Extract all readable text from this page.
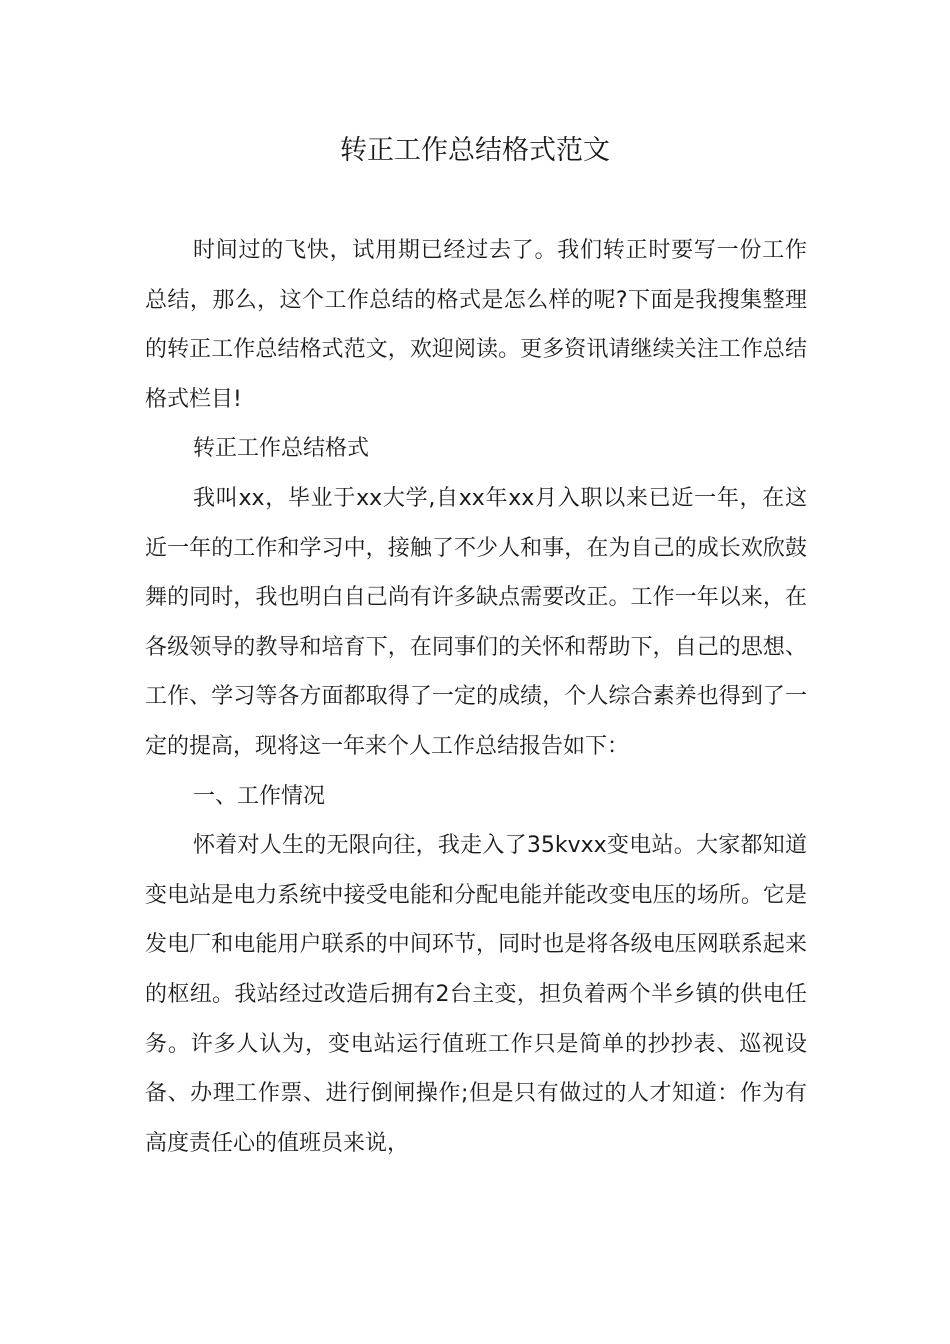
转正工作总结格式范文

时间过的飞快，试用期已经过去了。我们转正时要写一份工作总结，那么，这个工作总结的格式是怎么样的呢?下面是我搜集整理的转正工作总结格式范文，欢迎阅读。更多资讯请继续关注工作总结格式栏目!

转正工作总结格式

我叫xx，毕业于xx大学,自xx年xx月入职以来已近一年，在这近一年的工作和学习中，接触了不少人和事，在为自己的成长欢欣鼓舞的同时，我也明白自己尚有许多缺点需要改正。工作一年以来，在各级领导的教导和培育下，在同事们的关怀和帮助下，自己的思想、工作、学习等各方面都取得了一定的成绩，个人综合素养也得到了一定的提高，现将这一年来个人工作总结报告如下：

一、工作情况

怀着对人生的无限向往，我走入了35kvxx变电站。大家都知道变电站是电力系统中接受电能和分配电能并能改变电压的场所。它是发电厂和电能用户联系的中间环节，同时也是将各级电压网联系起来的枢纽。我站经过改造后拥有2台主变，担负着两个半乡镇的供电任务。许多人认为，变电站运行值班工作只是简单的抄抄表、巡视设备、办理工作票、进行倒闸操作;但是只有做过的人才知道：作为有高度责任心的值班员来说，
